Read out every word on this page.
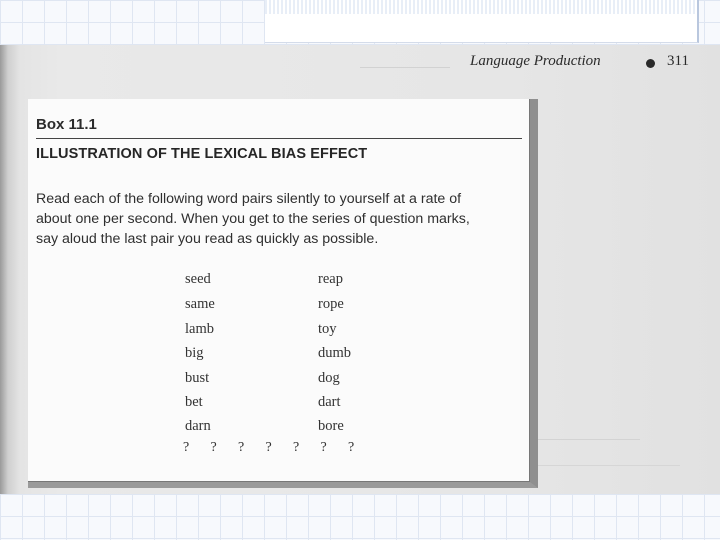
Language Production	311
Box 11.1
ILLUSTRATION OF THE LEXICAL BIAS EFFECT
Read each of the following word pairs silently to yourself at a rate of
about one per second. When you get to the series of question marks,
say aloud the last pair you read as quickly as possible.
seed	reap
same	rope
lamb	toy
big	dumb
bust	dog
bet	dart
darn	bore
? ? ? ? ? ? ?
